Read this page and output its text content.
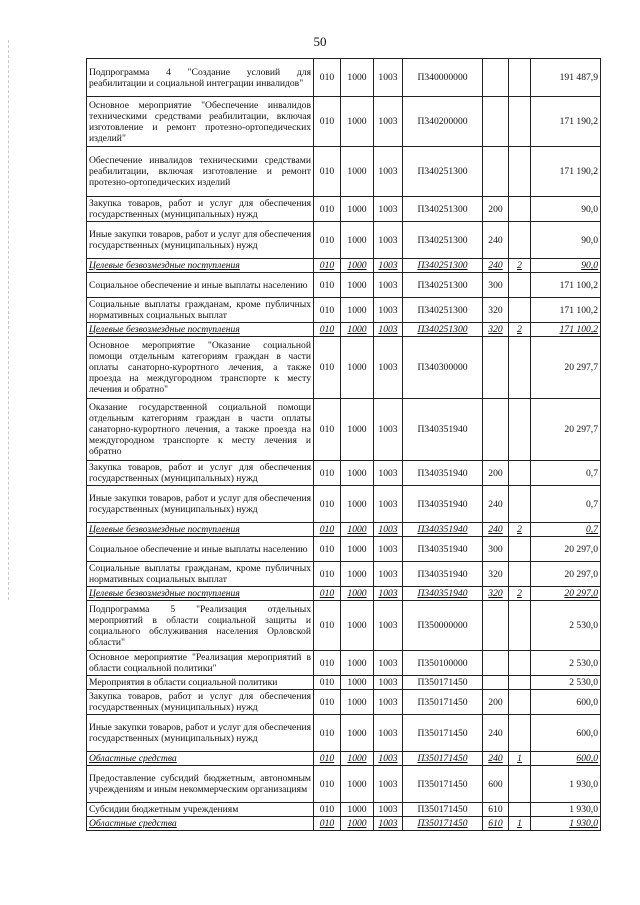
50
Подпрограмма 4 "Создание условий для реабилитации и социальной интеграции инвалидов"	010	1000	1003	П340000000			191 487,9
Основное мероприятие "Обеспечение инвалидов техническими средствами реабилитации, включая изготовление и ремонт протезно-ортопедических изделий"	010	1000	1003	П340200000			171 190,2
Обеспечение инвалидов техническими средствами реабилитации, включая изготовление и ремонт протезно-ортопедических изделий	010	1000	1003	П340251300			171 190,2
Закупка товаров, работ и услуг для обеспечения государственных (муниципальных) нужд	010	1000	1003	П340251300	200		90,0
Иные закупки товаров, работ и услуг для обеспечения государственных (муниципальных) нужд	010	1000	1003	П340251300	240		90,0
Целевые безвозмездные поступления	010	1000	1003	П340251300	240	2	90,0
Социальное обеспечение и иные выплаты населению	010	1000	1003	П340251300	300		171 100,2
Социальные выплаты гражданам, кроме публичных нормативных социальных выплат	010	1000	1003	П340251300	320		171 100,2
Целевые безвозмездные поступления	010	1000	1003	П340251300	320	2	171 100,2
Основное мероприятие "Оказание социальной помощи отдельным категориям граждан в части оплаты санаторно-курортного лечения, а также проезда на междугородном транспорте к месту лечения и обратно"	010	1000	1003	П340300000			20 297,7
Оказание государственной социальной помощи отдельным категориям граждан в части оплаты санаторно-курортного лечения, а также проезда на междугородном транспорте к месту лечения и обратно	010	1000	1003	П340351940			20 297,7
Закупка товаров, работ и услуг для обеспечения государственных (муниципальных) нужд	010	1000	1003	П340351940	200		0,7
Иные закупки товаров, работ и услуг для обеспечения государственных (муниципальных) нужд	010	1000	1003	П340351940	240		0,7
Целевые безвозмездные поступления	010	1000	1003	П340351940	240	2	0,7
Социальное обеспечение и иные выплаты населению	010	1000	1003	П340351940	300		20 297,0
Социальные выплаты гражданам, кроме публичных нормативных социальных выплат	010	1000	1003	П340351940	320		20 297,0
Целевые безвозмездные поступления	010	1000	1003	П340351940	320	2	20 297,0
Подпрограмма 5 "Реализация отдельных мероприятий в области социальной защиты и социального обслуживания населения Орловской области"	010	1000	1003	П350000000			2 530,0
Основное мероприятие "Реализация мероприятий в области социальной политики"	010	1000	1003	П350100000			2 530,0
Мероприятия в области социальной политики	010	1000	1003	П350171450			2 530,0
Закупка товаров, работ и услуг для обеспечения государственных (муниципальных) нужд	010	1000	1003	П350171450	200		600,0
Иные закупки товаров, работ и услуг для обеспечения государственных (муниципальных) нужд	010	1000	1003	П350171450	240		600,0
Областные средства	010	1000	1003	П350171450	240	1	600,0
Предоставление субсидий бюджетным, автономным учреждениям и иным некоммерческим организациям	010	1000	1003	П350171450	600		1 930,0
Субсидии бюджетным учреждениям	010	1000	1003	П350171450	610		1 930,0
Областные средства	010	1000	1003	П350171450	610	1	1 930,0
